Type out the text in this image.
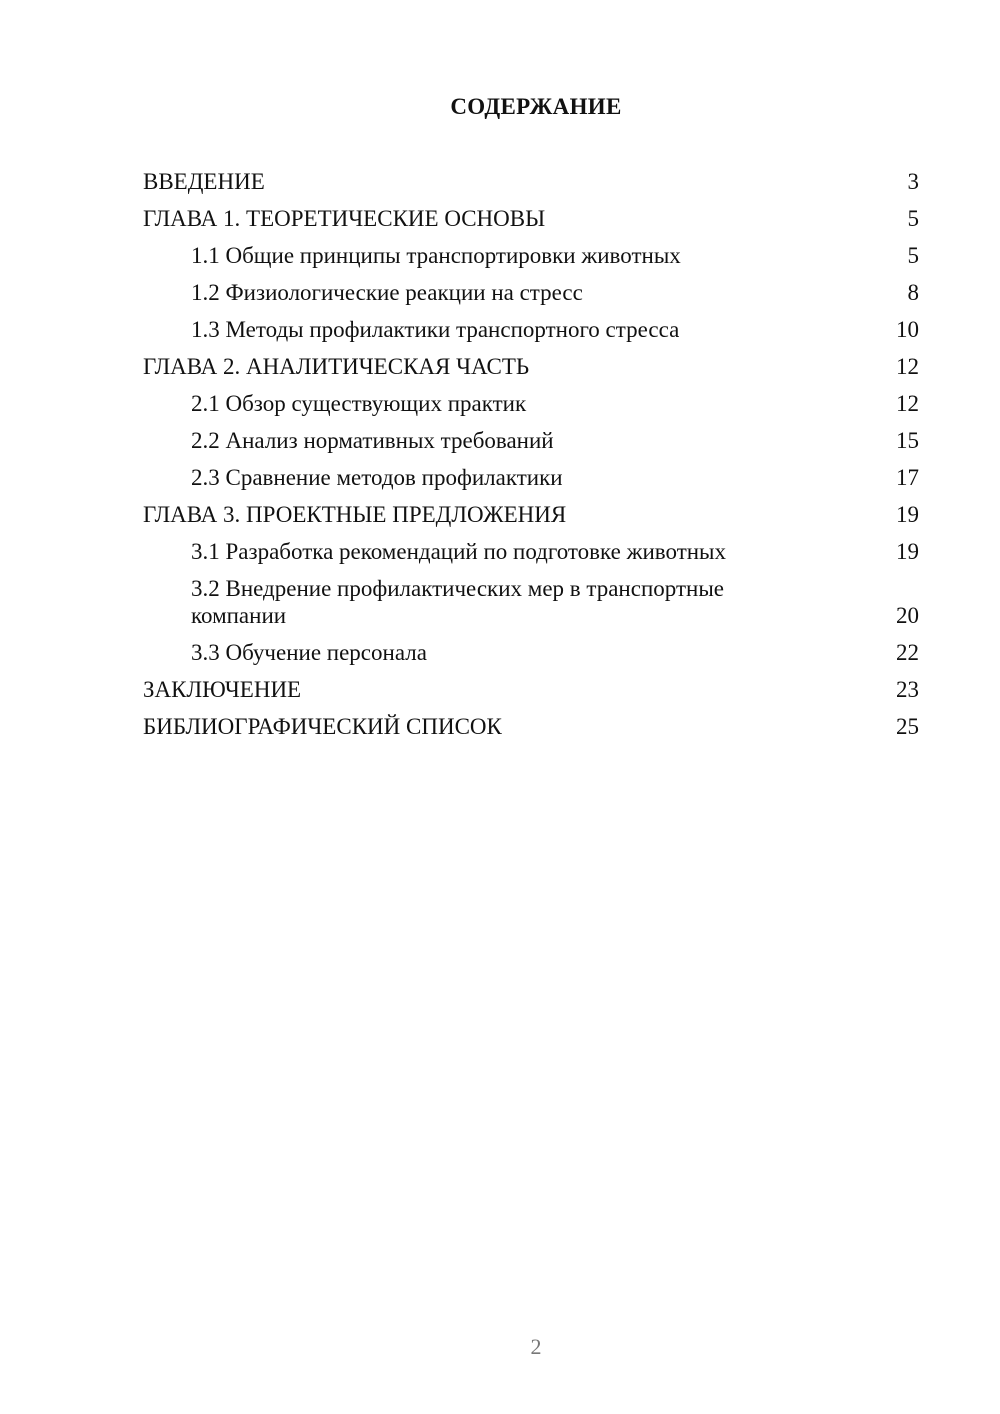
СОДЕРЖАНИЕ
ВВЕДЕНИЕ	3
ГЛАВА 1. ТЕОРЕТИЧЕСКИЕ ОСНОВЫ	5
1.1 Общие принципы транспортировки животных	5
1.2 Физиологические реакции на стресс	8
1.3 Методы профилактики транспортного стресса	10
ГЛАВА 2. АНАЛИТИЧЕСКАЯ ЧАСТЬ	12
2.1 Обзор существующих практик	12
2.2 Анализ нормативных требований	15
2.3 Сравнение методов профилактики	17
ГЛАВА 3. ПРОЕКТНЫЕ ПРЕДЛОЖЕНИЯ	19
3.1 Разработка рекомендаций по подготовке животных	19
3.2 Внедрение профилактических мер в транспортные компании	20
3.3 Обучение персонала	22
ЗАКЛЮЧЕНИЕ	23
БИБЛИОГРАФИЧЕСКИЙ СПИСОК	25
2
